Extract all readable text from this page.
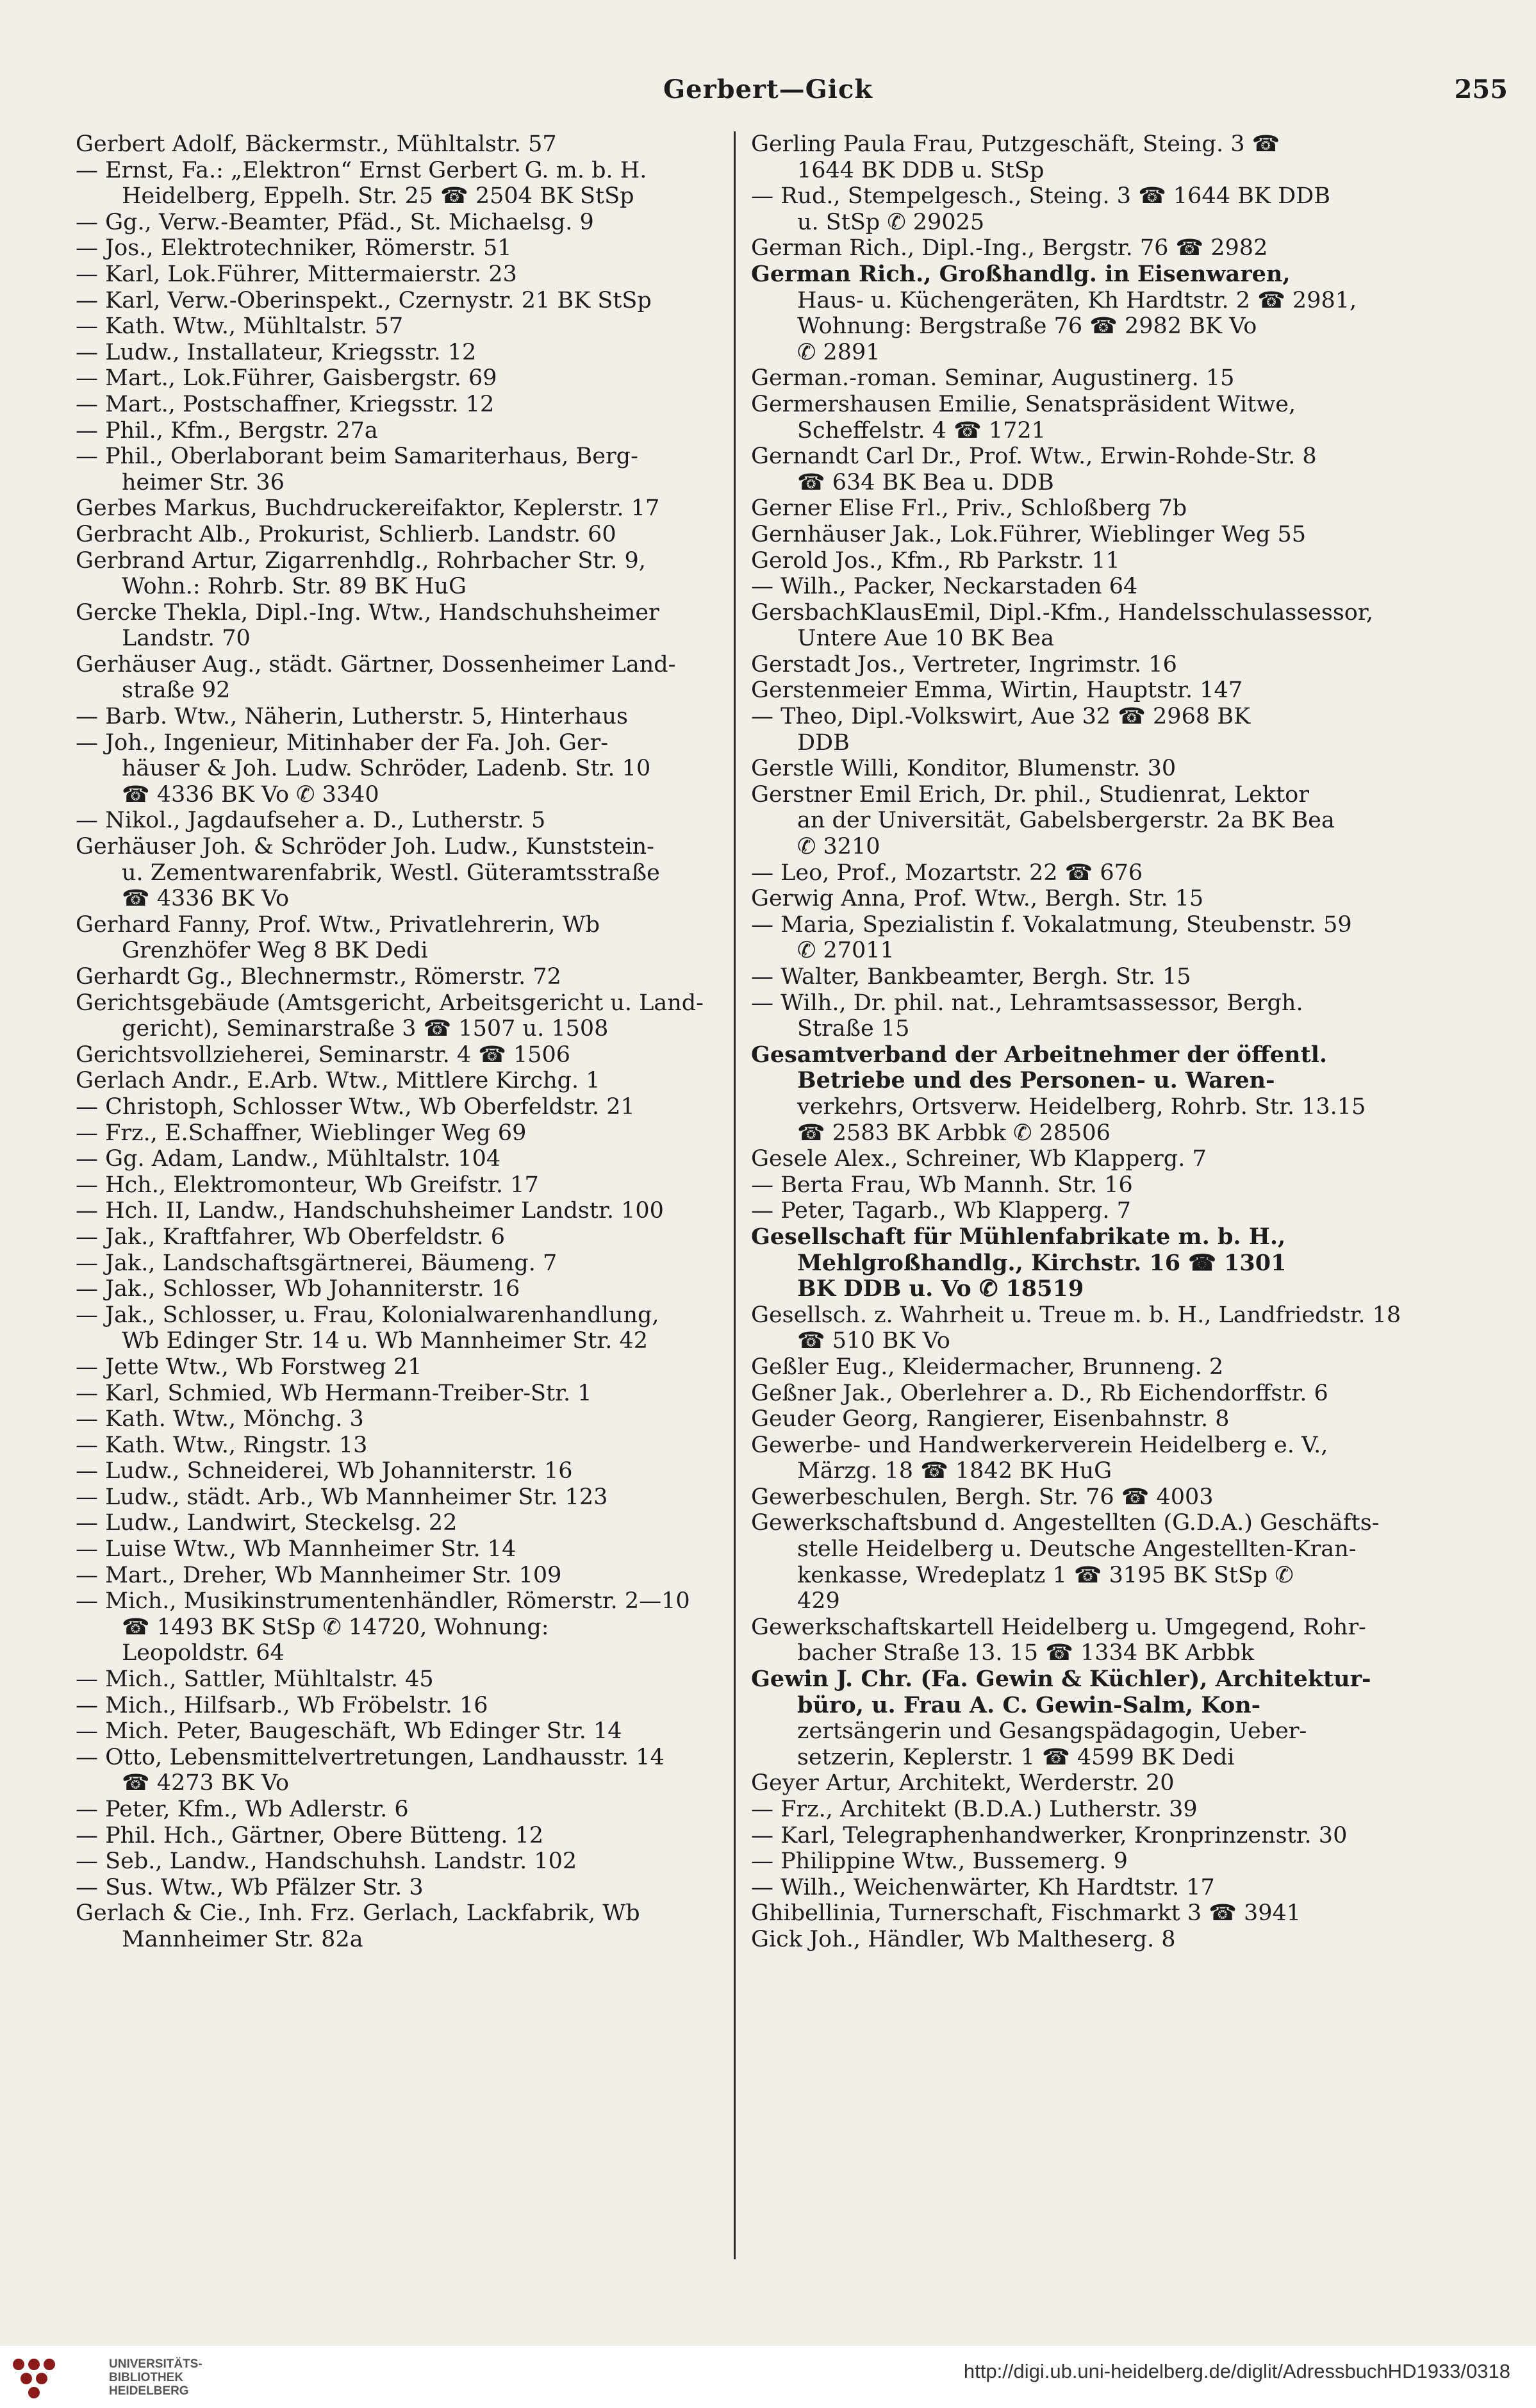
Gerbert—Gick	255
Gerbert Adolf, Bäckermstr., Mühltalstr. 57
— Ernst, Fa.: „Elektron“ Ernst Gerbert G. m. b. H.
Heidelberg, Eppelh. Str. 25 ☎ 2504 BK StSp
— Gg., Verw.-Beamter, Pfäd., St. Michaelsg. 9
— Jos., Elektrotechniker, Römerstr. 51
— Karl, Lok.Führer, Mittermaierstr. 23
— Karl, Verw.-Oberinspekt., Czernystr. 21 BK StSp
— Kath. Wtw., Mühltalstr. 57
— Ludw., Installateur, Kriegsstr. 12
— Mart., Lok.Führer, Gaisbergstr. 69
— Mart., Postschaffner, Kriegsstr. 12
— Phil., Kfm., Bergstr. 27a
— Phil., Oberlaborant beim Samariterhaus, Berg-
heimer Str. 36
Gerbes Markus, Buchdruckereifaktor, Keplerstr. 17
Gerbracht Alb., Prokurist, Schlierb. Landstr. 60
Gerbrand Artur, Zigarrenhdlg., Rohrbacher Str. 9,
Wohn.: Rohrb. Str. 89 BK HuG
Gercke Thekla, Dipl.-Ing. Wtw., Handschuhsheimer
Landstr. 70
Gerhäuser Aug., städt. Gärtner, Dossenheimer Land-
straße 92
— Barb. Wtw., Näherin, Lutherstr. 5, Hinterhaus
— Joh., Ingenieur, Mitinhaber der Fa. Joh. Ger-
häuser & Joh. Ludw. Schröder, Ladenb. Str. 10
☎ 4336 BK Vo ✆ 3340
— Nikol., Jagdaufseher a. D., Lutherstr. 5
Gerhäuser Joh. & Schröder Joh. Ludw., Kunststein-
u. Zementwarenfabrik, Westl. Güteramtsstraße
☎ 4336 BK Vo
Gerhard Fanny, Prof. Wtw., Privatlehrerin, Wb
Grenzhöfer Weg 8 BK Dedi
Gerhardt Gg., Blechnermstr., Römerstr. 72
Gerichtsgebäude (Amtsgericht, Arbeitsgericht u. Land-
gericht), Seminarstraße 3 ☎ 1507 u. 1508
Gerichtsvollzieherei, Seminarstr. 4 ☎ 1506
Gerlach Andr., E.Arb. Wtw., Mittlere Kirchg. 1
— Christoph, Schlosser Wtw., Wb Oberfeldstr. 21
— Frz., E.Schaffner, Wieblinger Weg 69
— Gg. Adam, Landw., Mühltalstr. 104
— Hch., Elektromonteur, Wb Greifstr. 17
— Hch. II, Landw., Handschuhsheimer Landstr. 100
— Jak., Kraftfahrer, Wb Oberfeldstr. 6
— Jak., Landschaftsgärtnerei, Bäumeng. 7
— Jak., Schlosser, Wb Johanniterstr. 16
— Jak., Schlosser, u. Frau, Kolonialwarenhandlung,
Wb Edinger Str. 14 u. Wb Mannheimer Str. 42
— Jette Wtw., Wb Forstweg 21
— Karl, Schmied, Wb Hermann-Treiber-Str. 1
— Kath. Wtw., Mönchg. 3
— Kath. Wtw., Ringstr. 13
— Ludw., Schneiderei, Wb Johanniterstr. 16
— Ludw., städt. Arb., Wb Mannheimer Str. 123
— Ludw., Landwirt, Steckelsg. 22
— Luise Wtw., Wb Mannheimer Str. 14
— Mart., Dreher, Wb Mannheimer Str. 109
— Mich., Musikinstrumentenhändler, Römerstr. 2—10
☎ 1493 BK StSp ✆ 14720, Wohnung:
Leopoldstr. 64
— Mich., Sattler, Mühltalstr. 45
— Mich., Hilfsarb., Wb Fröbelstr. 16
— Mich. Peter, Baugeschäft, Wb Edinger Str. 14
— Otto, Lebensmittelvertretungen, Landhausstr. 14
☎ 4273 BK Vo
— Peter, Kfm., Wb Adlerstr. 6
— Phil. Hch., Gärtner, Obere Bütteng. 12
— Seb., Landw., Handschuhsh. Landstr. 102
— Sus. Wtw., Wb Pfälzer Str. 3
Gerlach & Cie., Inh. Frz. Gerlach, Lackfabrik, Wb
Mannheimer Str. 82a
Gerling Paula Frau, Putzgeschäft, Steing. 3 ☎
1644 BK DDB u. StSp
— Rud., Stempelgesch., Steing. 3 ☎ 1644 BK DDB
u. StSp ✆ 29025
German Rich., Dipl.-Ing., Bergstr. 76 ☎ 2982
German Rich., Großhandlg. in Eisenwaren,
Haus- u. Küchengeräten, Kh Hardtstr. 2 ☎ 2981,
Wohnung: Bergstraße 76 ☎ 2982 BK Vo
✆ 2891
German.-roman. Seminar, Augustinerg. 15
Germershausen Emilie, Senatspräsident Witwe,
Scheffelstr. 4 ☎ 1721
Gernandt Carl Dr., Prof. Wtw., Erwin-Rohde-Str. 8
☎ 634 BK Bea u. DDB
Gerner Elise Frl., Priv., Schloßberg 7b
Gernhäuser Jak., Lok.Führer, Wieblinger Weg 55
Gerold Jos., Kfm., Rb Parkstr. 11
— Wilh., Packer, Neckarstaden 64
GersbachKlausEmil, Dipl.-Kfm., Handelsschulassessor,
Untere Aue 10 BK Bea
Gerstadt Jos., Vertreter, Ingrimstr. 16
Gerstenmeier Emma, Wirtin, Hauptstr. 147
— Theo, Dipl.-Volkswirt, Aue 32 ☎ 2968 BK
DDB
Gerstle Willi, Konditor, Blumenstr. 30
Gerstner Emil Erich, Dr. phil., Studienrat, Lektor
an der Universität, Gabelsbergerstr. 2a BK Bea
✆ 3210
— Leo, Prof., Mozartstr. 22 ☎ 676
Gerwig Anna, Prof. Wtw., Bergh. Str. 15
— Maria, Spezialistin f. Vokalatmung, Steubenstr. 59
✆ 27011
— Walter, Bankbeamter, Bergh. Str. 15
— Wilh., Dr. phil. nat., Lehramtsassessor, Bergh.
Straße 15
Gesamtverband der Arbeitnehmer der öffentl.
Betriebe und des Personen- u. Waren-
verkehrs, Ortsverw. Heidelberg, Rohrb. Str. 13.15
☎ 2583 BK Arbbk ✆ 28506
Gesele Alex., Schreiner, Wb Klapperg. 7
— Berta Frau, Wb Mannh. Str. 16
— Peter, Tagarb., Wb Klapperg. 7
Gesellschaft für Mühlenfabrikate m. b. H.,
Mehlgroßhandlg., Kirchstr. 16 ☎ 1301
BK DDB u. Vo ✆ 18519
Gesellsch. z. Wahrheit u. Treue m. b. H., Landfriedstr. 18
☎ 510 BK Vo
Geßler Eug., Kleidermacher, Brunneng. 2
Geßner Jak., Oberlehrer a. D., Rb Eichendorffstr. 6
Geuder Georg, Rangierer, Eisenbahnstr. 8
Gewerbe- und Handwerkerverein Heidelberg e. V.,
Märzg. 18 ☎ 1842 BK HuG
Gewerbeschulen, Bergh. Str. 76 ☎ 4003
Gewerkschaftsbund d. Angestellten (G.D.A.) Geschäfts-
stelle Heidelberg u. Deutsche Angestellten-Kran-
kenkasse, Wredeplatz 1 ☎ 3195 BK StSp ✆
429
Gewerkschaftskartell Heidelberg u. Umgegend, Rohr-
bacher Straße 13. 15 ☎ 1334 BK Arbbk
Gewin J. Chr. (Fa. Gewin & Küchler), Architektur-
büro, u. Frau A. C. Gewin-Salm, Kon-
zertsängerin und Gesangspädagogin, Ueber-
setzerin, Keplerstr. 1 ☎ 4599 BK Dedi
Geyer Artur, Architekt, Werderstr. 20
— Frz., Architekt (B.D.A.) Lutherstr. 39
— Karl, Telegraphenhandwerker, Kronprinzenstr. 30
— Philippine Wtw., Bussemerg. 9
— Wilh., Weichenwärter, Kh Hardtstr. 17
Ghibellinia, Turnerschaft, Fischmarkt 3 ☎ 3941
Gick Joh., Händler, Wb Maltheserg. 8
UNIVERSITÄTS-
BIBLIOTHEK
HEIDELBERG
http://digi.ub.uni-heidelberg.de/diglit/AdressbuchHD1933/0318
